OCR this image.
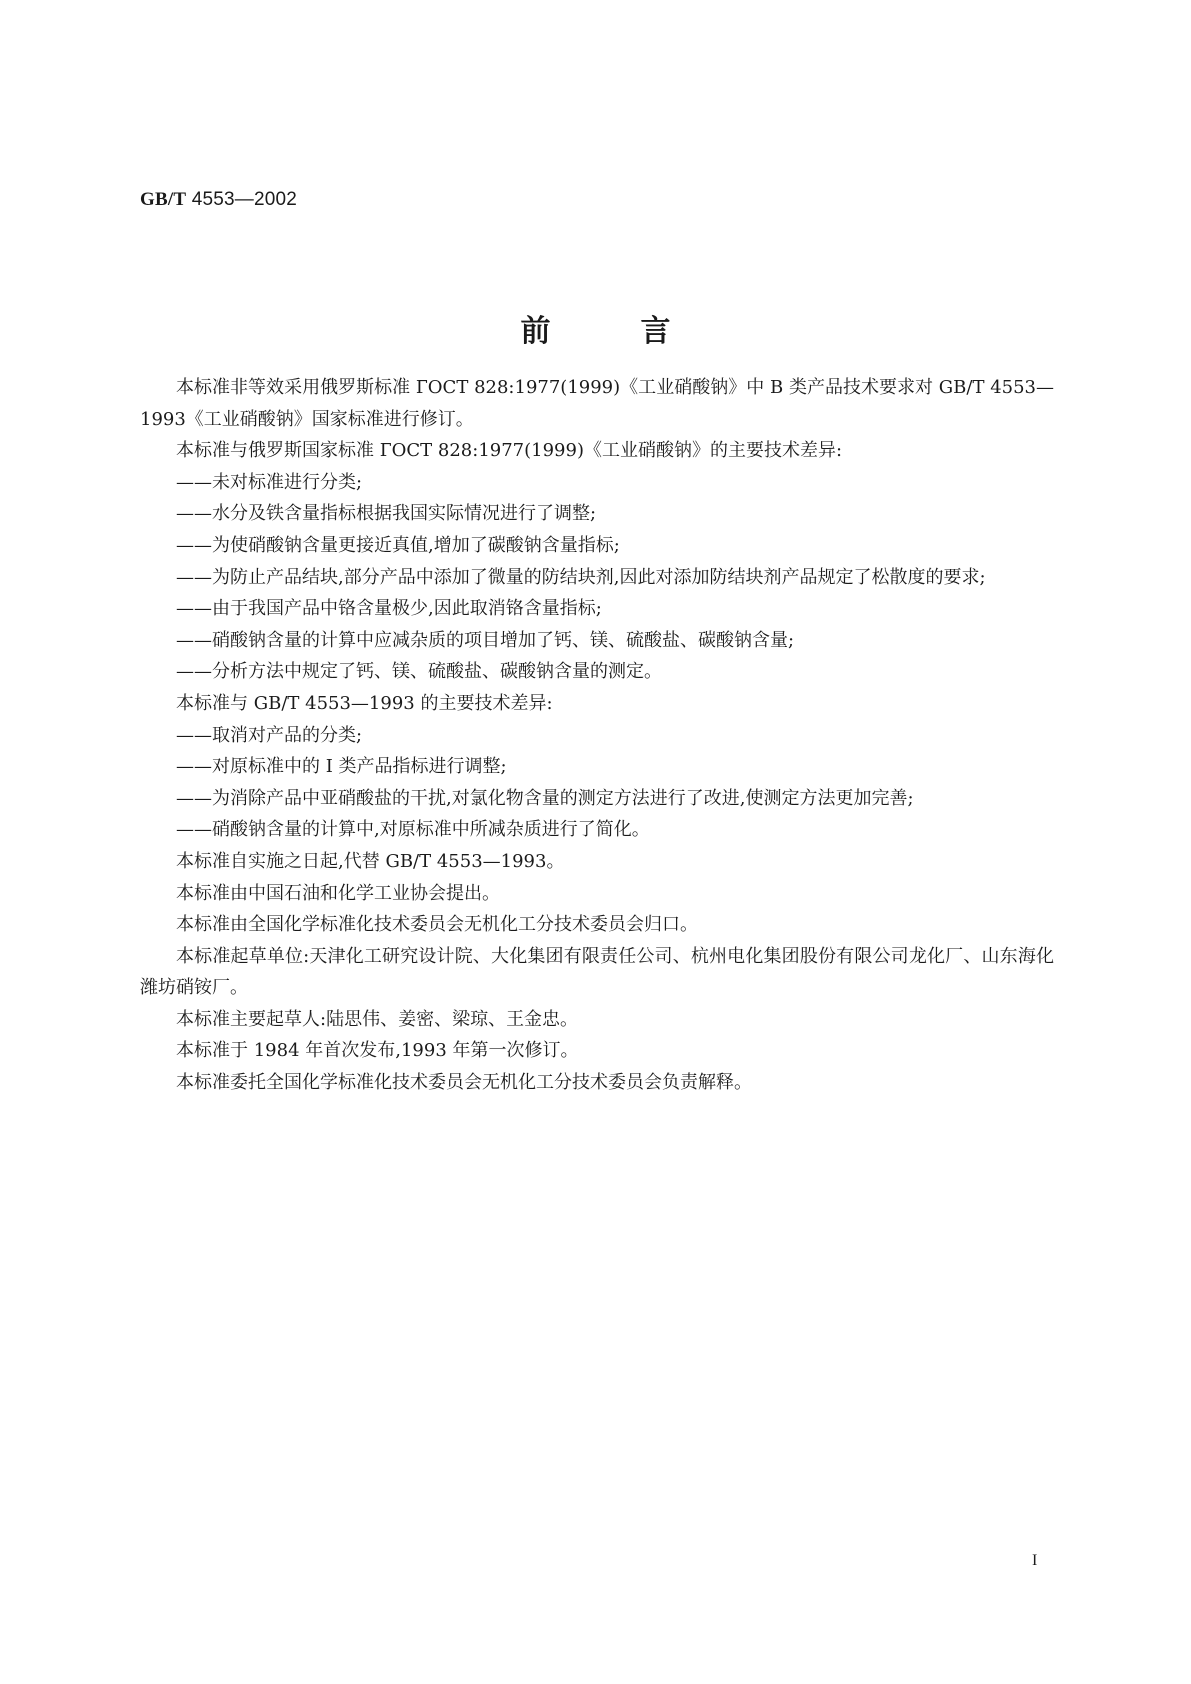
GB/T 4553—2002
前言

本标准非等效采用俄罗斯标准 ГОСТ 828:1977(1999)《工业硝酸钠》中 B 类产品技术要求对 GB/T 4553—1993《工业硝酸钠》国家标准进行修订。

本标准与俄罗斯国家标准 ГОСТ 828:1977(1999)《工业硝酸钠》的主要技术差异:

——未对标准进行分类;

——水分及铁含量指标根据我国实际情况进行了调整;

——为使硝酸钠含量更接近真值,增加了碳酸钠含量指标;

——为防止产品结块,部分产品中添加了微量的防结块剂,因此对添加防结块剂产品规定了松散度的要求;

——由于我国产品中铬含量极少,因此取消铬含量指标;

——硝酸钠含量的计算中应减杂质的项目增加了钙、镁、硫酸盐、碳酸钠含量;

——分析方法中规定了钙、镁、硫酸盐、碳酸钠含量的测定。

本标准与 GB/T 4553—1993 的主要技术差异:

——取消对产品的分类;

——对原标准中的 I 类产品指标进行调整;

——为消除产品中亚硝酸盐的干扰,对氯化物含量的测定方法进行了改进,使测定方法更加完善;

——硝酸钠含量的计算中,对原标准中所减杂质进行了简化。

本标准自实施之日起,代替 GB/T 4553—1993。

本标准由中国石油和化学工业协会提出。

本标准由全国化学标准化技术委员会无机化工分技术委员会归口。

本标准起草单位:天津化工研究设计院、大化集团有限责任公司、杭州电化集团股份有限公司龙化厂、山东海化潍坊硝铵厂。

本标准主要起草人:陆思伟、姜密、梁琼、王金忠。

本标准于 1984 年首次发布,1993 年第一次修订。

本标准委托全国化学标准化技术委员会无机化工分技术委员会负责解释。

I
